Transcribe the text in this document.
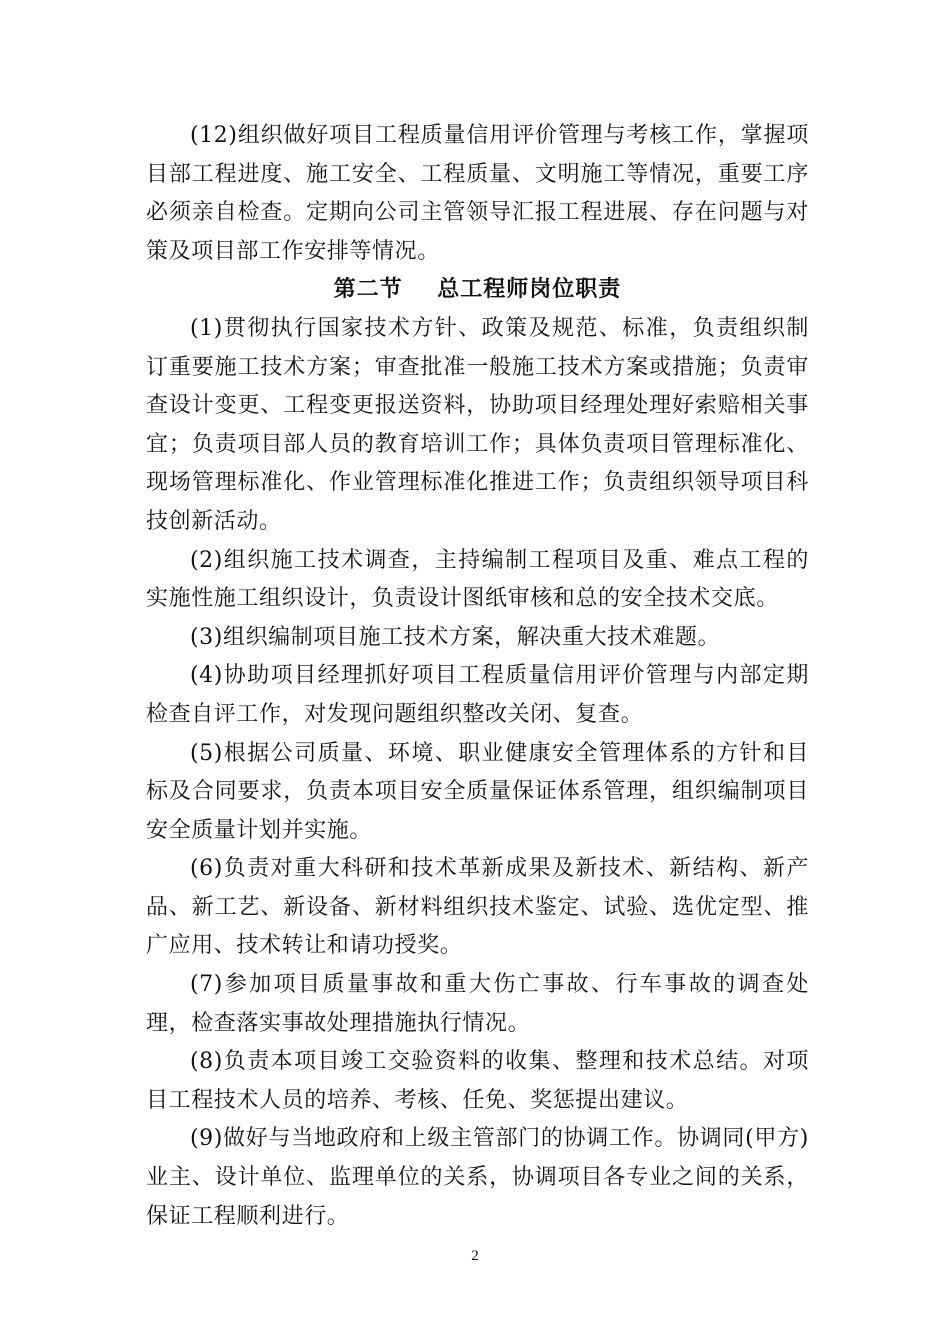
(12)组织做好项目工程质量信用评价管理与考核工作，掌握项目部工程进度、施工安全、工程质量、文明施工等情况，重要工序必须亲自检查。定期向公司主管领导汇报工程进展、存在问题与对策及项目部工作安排等情况。

第二节    总工程师岗位职责

(1)贯彻执行国家技术方针、政策及规范、标准，负责组织制订重要施工技术方案；审查批准一般施工技术方案或措施；负责审查设计变更、工程变更报送资料，协助项目经理处理好索赔相关事宜；负责项目部人员的教育培训工作；具体负责项目管理标准化、现场管理标准化、作业管理标准化推进工作；负责组织领导项目科技创新活动。

(2)组织施工技术调查，主持编制工程项目及重、难点工程的实施性施工组织设计，负责设计图纸审核和总的安全技术交底。

(3)组织编制项目施工技术方案，解决重大技术难题。

(4)协助项目经理抓好项目工程质量信用评价管理与内部定期检查自评工作，对发现问题组织整改关闭、复查。

(5)根据公司质量、环境、职业健康安全管理体系的方针和目标及合同要求，负责本项目安全质量保证体系管理，组织编制项目安全质量计划并实施。

(6)负责对重大科研和技术革新成果及新技术、新结构、新产品、新工艺、新设备、新材料组织技术鉴定、试验、选优定型、推广应用、技术转让和请功授奖。

(7)参加项目质量事故和重大伤亡事故、行车事故的调查处理，检查落实事故处理措施执行情况。

(8)负责本项目竣工交验资料的收集、整理和技术总结。对项目工程技术人员的培养、考核、任免、奖惩提出建议。

(9)做好与当地政府和上级主管部门的协调工作。协调同(甲方)业主、设计单位、监理单位的关系，协调项目各专业之间的关系，保证工程顺利进行。

2
